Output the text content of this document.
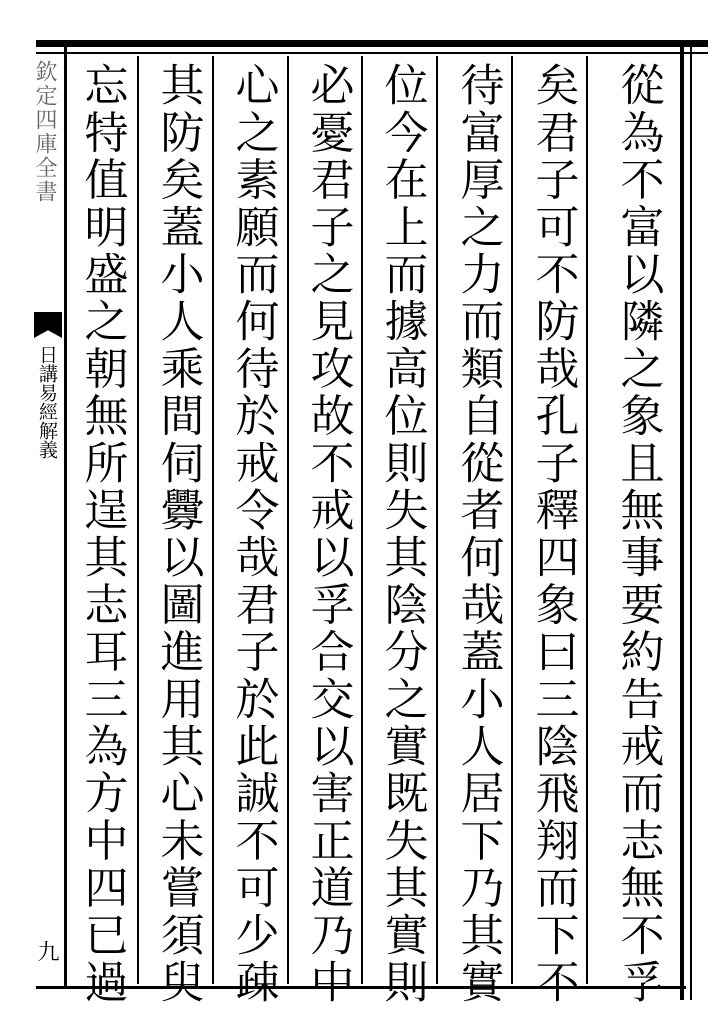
欽定四庫全書
日講易經解義
九	從為不富以隣之象且無事要約告戒而志無不孚
矣君子可不防哉孔子釋四象曰三陰飛翔而下不
待富厚之力而類自從者何哉蓋小人居下乃其實
位今在上而據高位則失其陰分之實既失其實則
必憂君子之見攻故不戒以孚合交以害正道乃中
心之素願而何待於戒令哉君子於此誠不可少疎
其防矣蓋小人乘間伺釁以圖進用其心未嘗須臾
忘特值明盛之朝無所逞其志耳三為方中四已過
